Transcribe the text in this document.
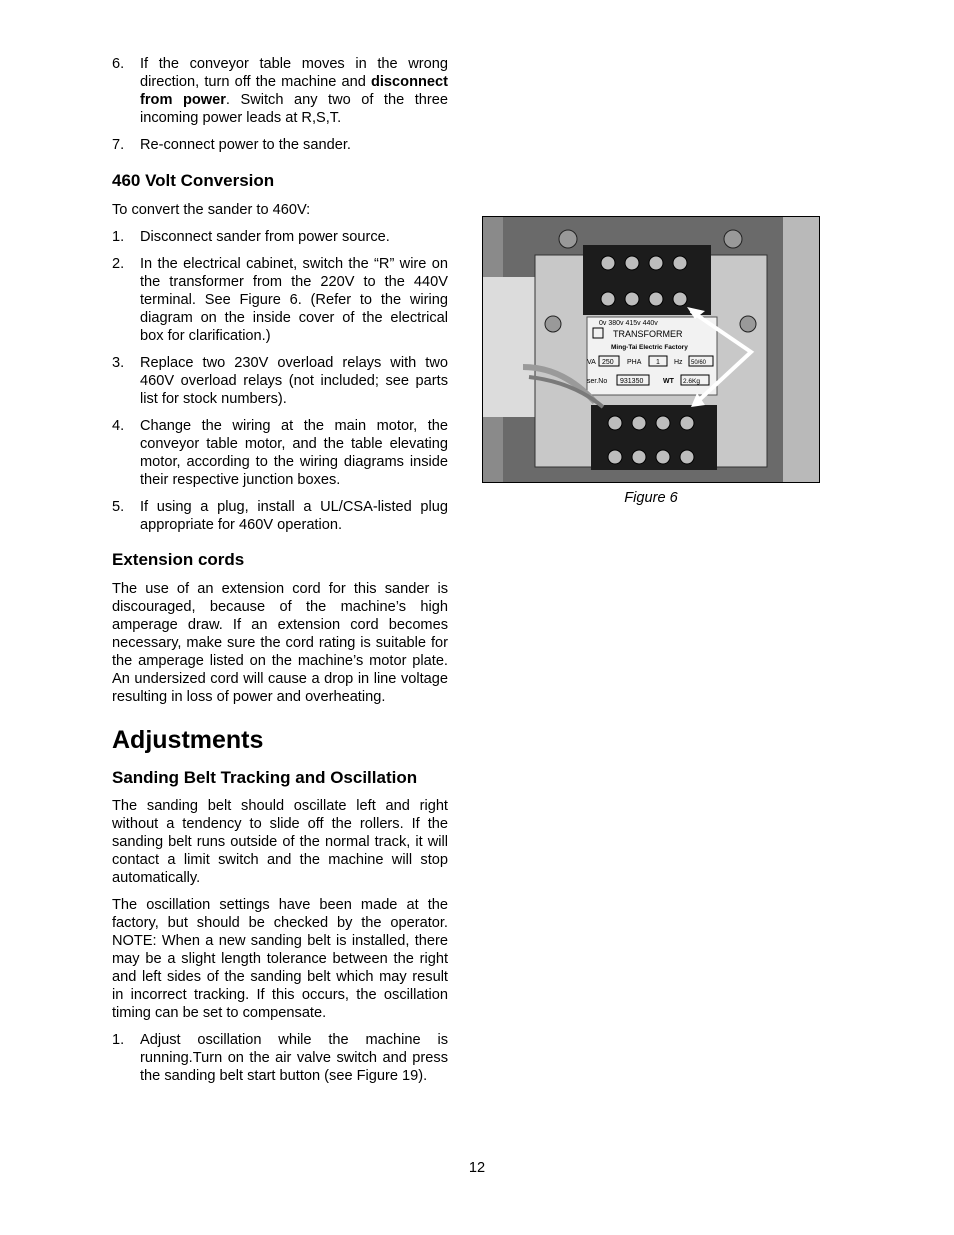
6.	If the conveyor table moves in the wrong direction, turn off the machine and disconnect from power. Switch any two of the three incoming power leads at R,S,T.
7.	Re-connect power to the sander.
460 Volt Conversion

To convert the sander to 460V:

1.	Disconnect sander from power source.
2.	In the electrical cabinet, switch the “R” wire on the transformer from the 220V to the 440V terminal. See Figure 6. (Refer to the wiring diagram on the inside cover of the electrical box for clarification.)
3.	Replace two 230V overload relays with two 460V overload relays (not included; see parts list for stock numbers).
4.	Change the wiring at the main motor, the conveyor table motor, and the table elevating motor, according to the wiring diagrams inside their respective junction boxes.
5.	If using a plug, install a UL/CSA-listed plug appropriate for 460V operation.
Extension cords

The use of an extension cord for this sander is discouraged, because of the machine’s high amperage draw. If an extension cord becomes necessary, make sure the cord rating is suitable for the amperage listed on the machine’s motor plate. An undersized cord will cause a drop in line voltage resulting in loss of power and overheating.

Adjustments
Sanding Belt Tracking and Oscillation

The sanding belt should oscillate left and right without a tendency to slide off the rollers. If the sanding belt runs outside of the normal track, it will contact a limit switch and the machine will stop automatically.

The oscillation settings have been made at the factory, but should be checked by the operator. NOTE: When a new sanding belt is installed, there may be a slight length tolerance between the right and left sides of the sanding belt which may result in incorrect tracking. If this occurs, the oscillation timing can be set to compensate.

1.	Adjust oscillation while the machine is running.Turn on the air valve switch and press the sanding belt start button (see Figure 19).
0v 380v 415v 440v
TRANSFORMER
Ming-Tai Electric Factory
VA 250 PHA 1 Hz 50/60
ser.No 931350	WT 2.6Kg
Figure 6
12
